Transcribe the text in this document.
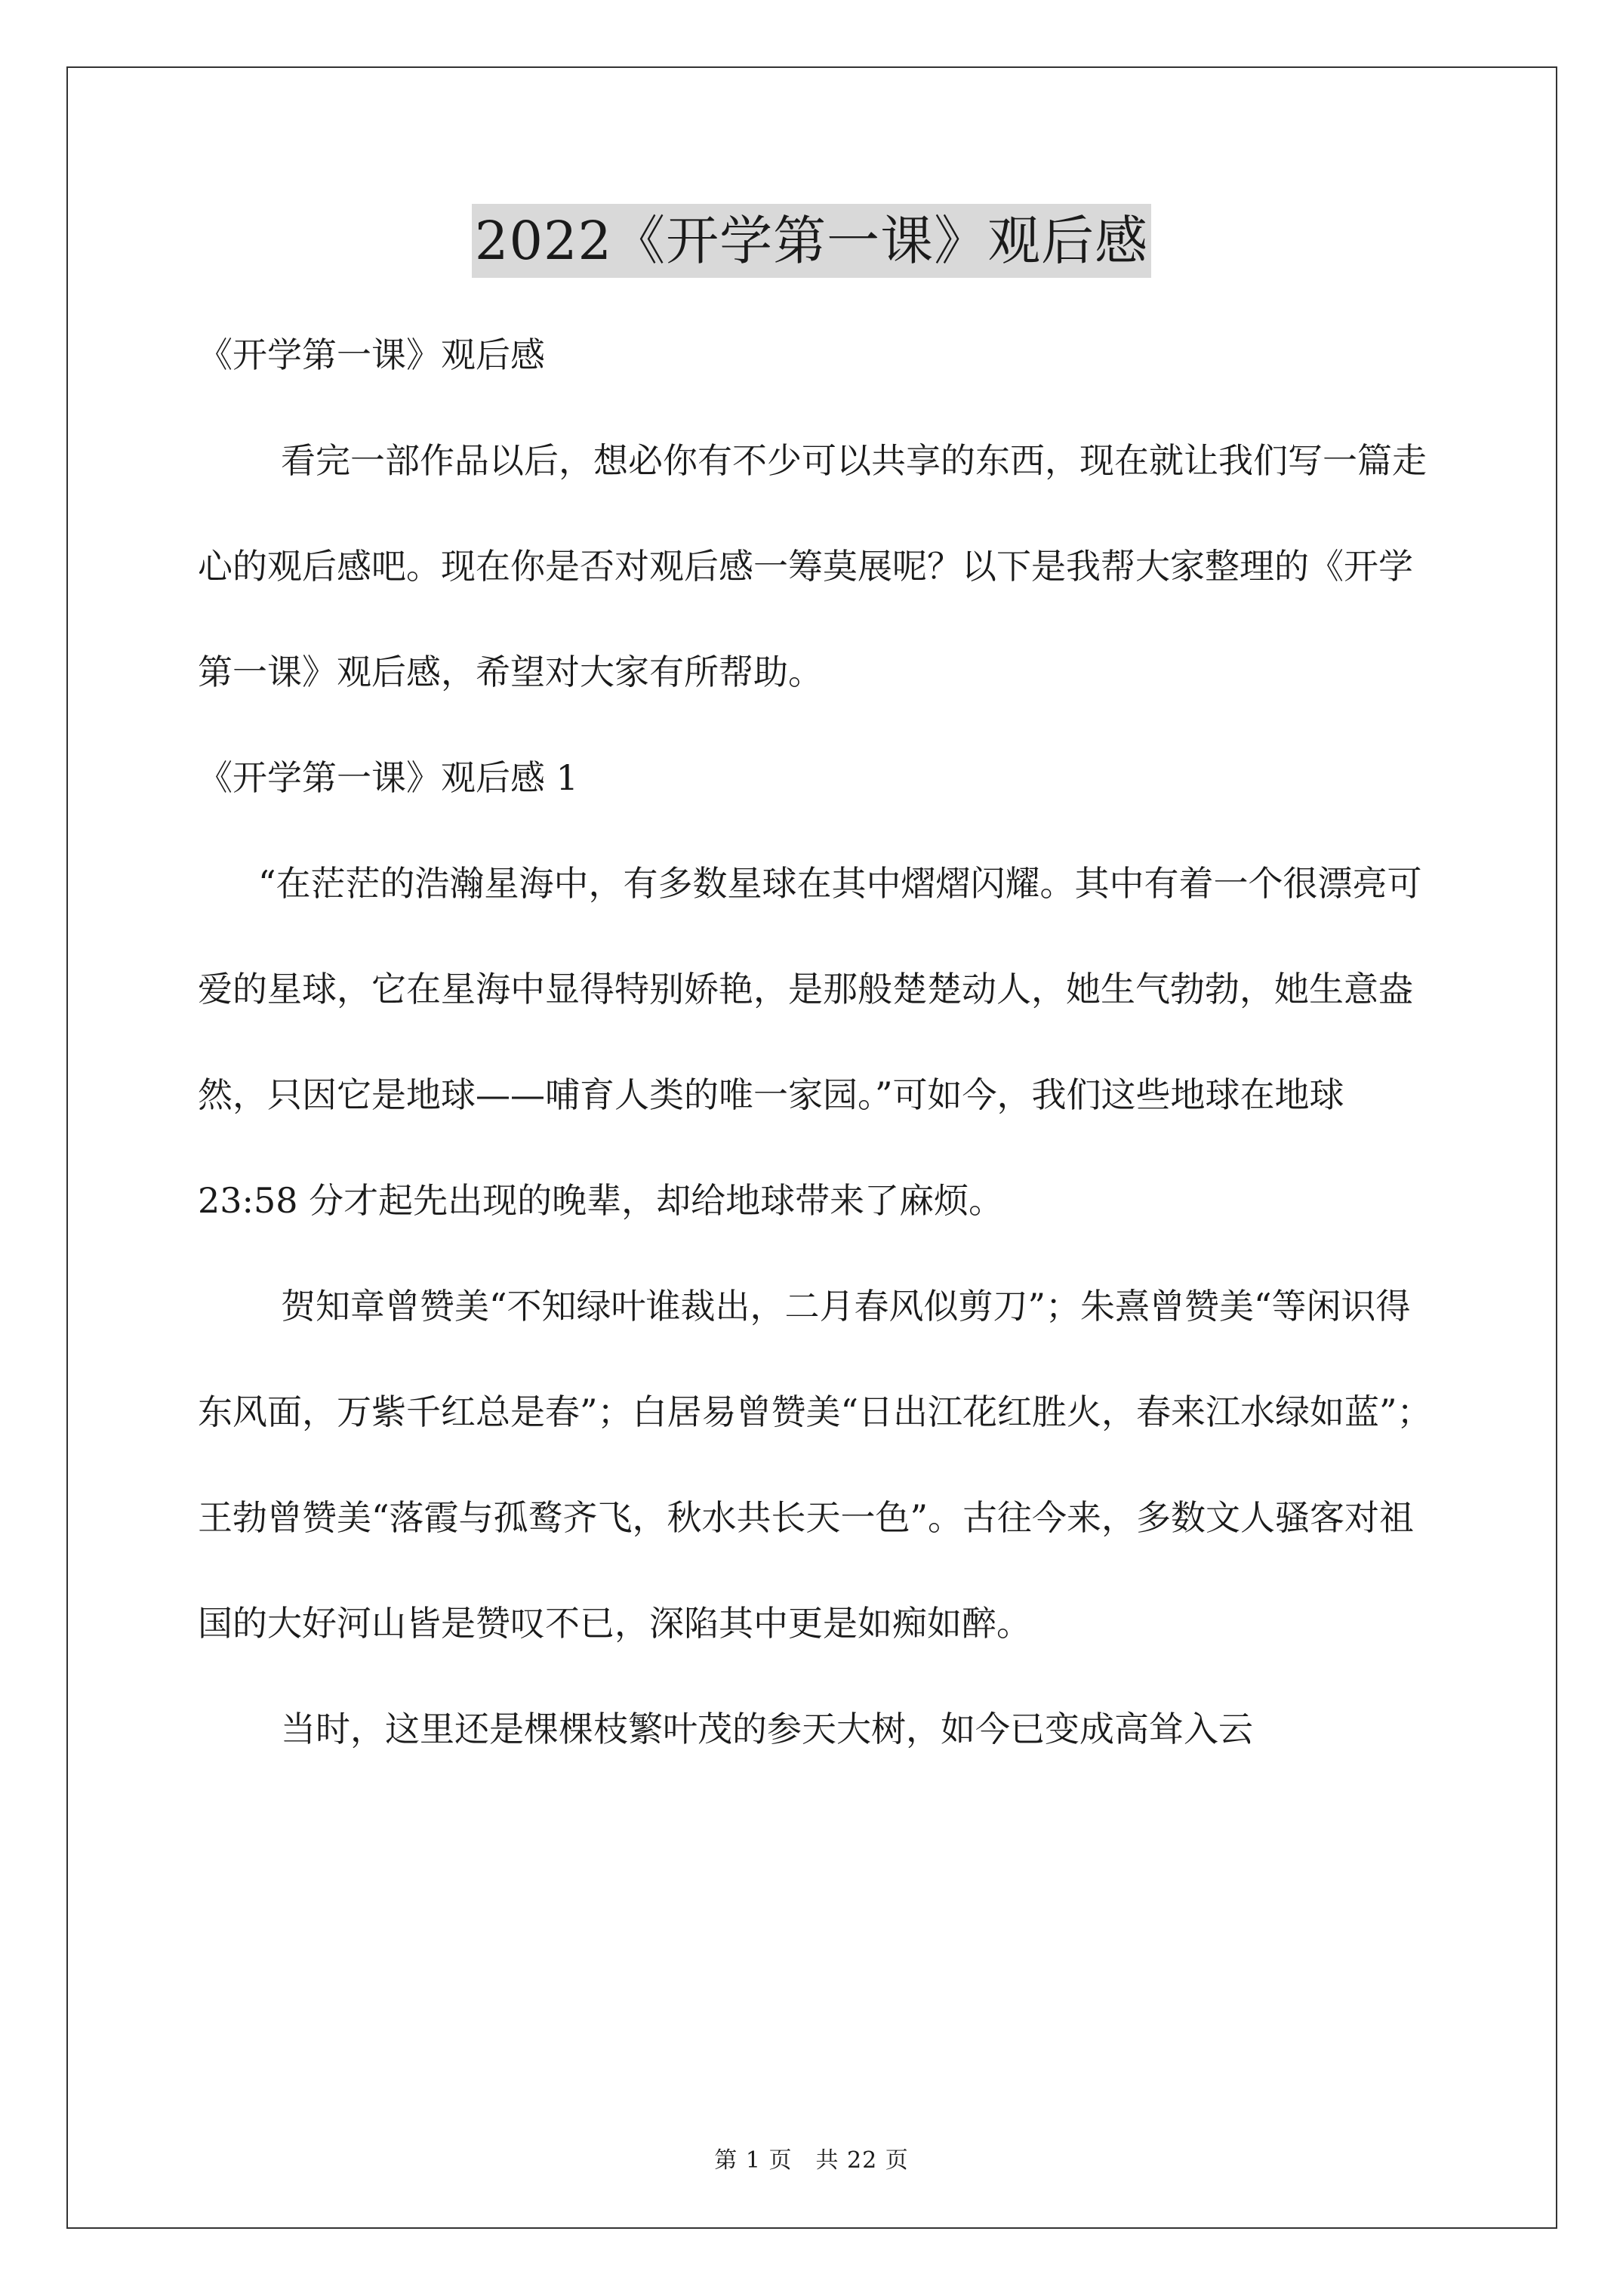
2022《开学第一课》观后感

《开学第一课》观后感

看完一部作品以后，想必你有不少可以共享的东西，现在就让我们写一篇走心的观后感吧。现在你是否对观后感一筹莫展呢？以下是我帮大家整理的《开学第一课》观后感，希望对大家有所帮助。

《开学第一课》观后感 1

“在茫茫的浩瀚星海中，有多数星球在其中熠熠闪耀。其中有着一个很漂亮可爱的星球，它在星海中显得特别娇艳，是那般楚楚动人，她生气勃勃，她生意盎然，只因它是地球——哺育人类的唯一家园。”可如今，我们这些地球在地球 23:58 分才起先出现的晚辈，却给地球带来了麻烦。

贺知章曾赞美“不知绿叶谁裁出，二月春风似剪刀”；朱熹曾赞美“等闲识得东风面，万紫千红总是春”；白居易曾赞美“日出江花红胜火，春来江水绿如蓝”；王勃曾赞美“落霞与孤鹜齐飞，秋水共长天一色”。古往今来，多数文人骚客对祖国的大好河山皆是赞叹不已，深陷其中更是如痴如醉。

当时，这里还是棵棵枝繁叶茂的参天大树，如今已变成高耸入云

第 1 页　共 22 页
